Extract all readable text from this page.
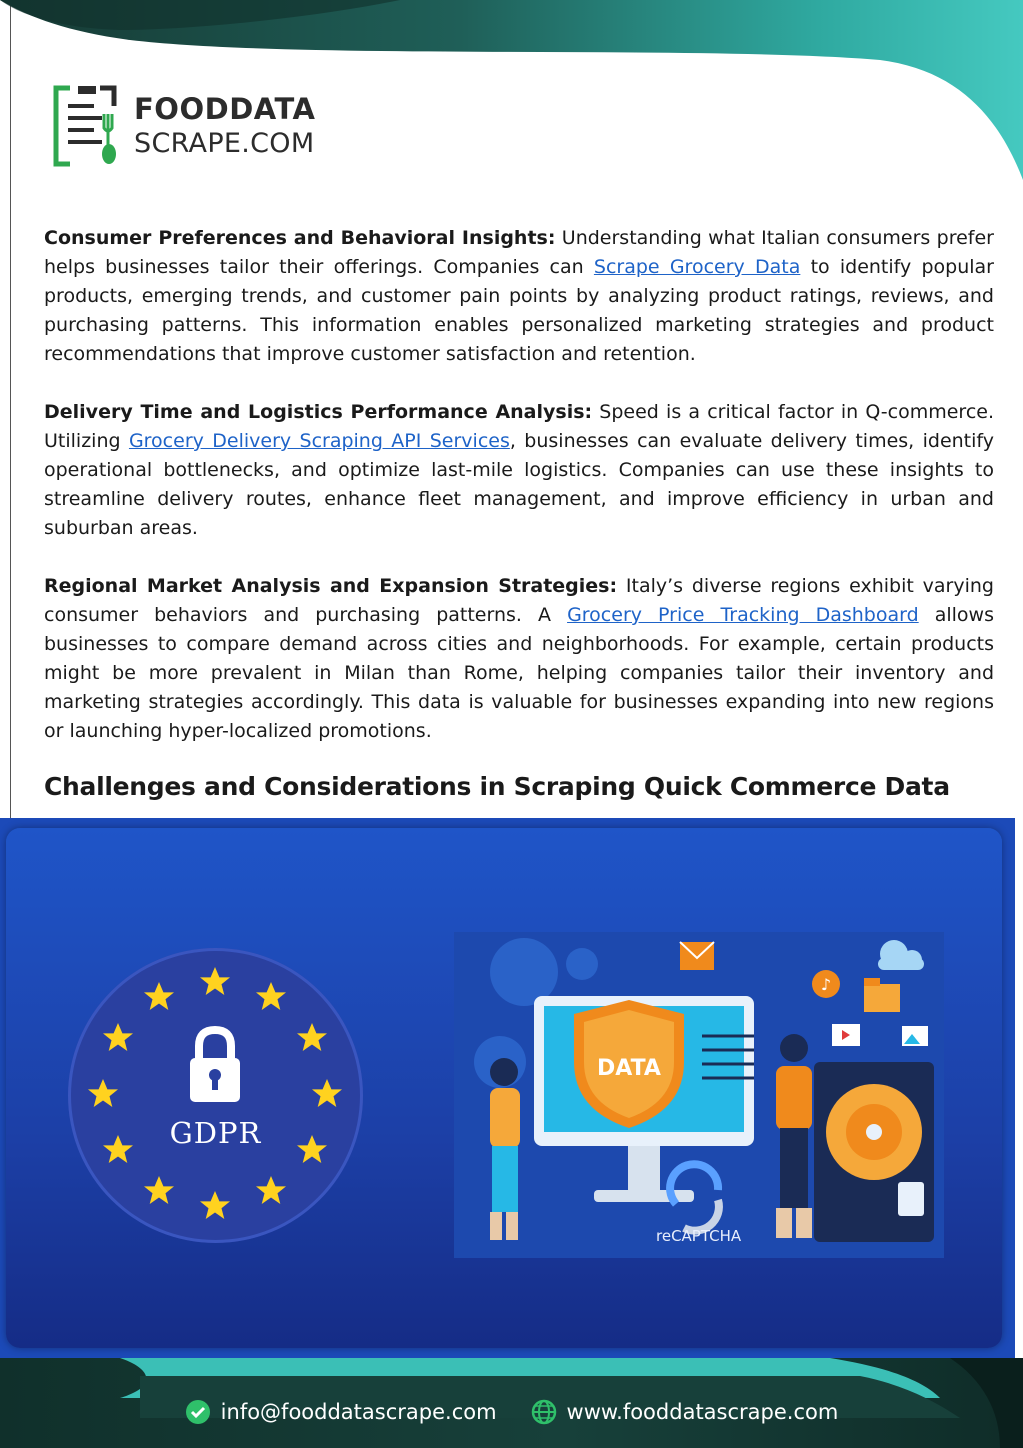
FOODDATA
SCRAPE.COM

Consumer Preferences and Behavioral Insights: Understanding what Italian consumers prefer helps businesses tailor their offerings. Companies can Scrape Grocery Data to identify popular products, emerging trends, and customer pain points by analyzing product ratings, reviews, and purchasing patterns. This information enables personalized marketing strategies and product recommendations that improve customer satisfaction and retention.

Delivery Time and Logistics Performance Analysis: Speed is a critical factor in Q-commerce. Utilizing Grocery Delivery Scraping API Services, businesses can evaluate delivery times, identify operational bottlenecks, and optimize last-mile logistics. Companies can use these insights to streamline delivery routes, enhance fleet management, and improve efficiency in urban and suburban areas.

Regional Market Analysis and Expansion Strategies: Italy’s diverse regions exhibit varying consumer behaviors and purchasing patterns. A Grocery Price Tracking Dashboard allows businesses to compare demand across cities and neighborhoods. For example, certain products might be more prevalent in Milan than Rome, helping companies tailor their inventory and marketing strategies accordingly. This data is valuable for businesses expanding into new regions or launching hyper-localized promotions.

Challenges and Considerations in Scraping Quick Commerce Data
GDPR
DATA
♪
reCAPTCHA
info@fooddatascrape.com	www.fooddatascrape.com
